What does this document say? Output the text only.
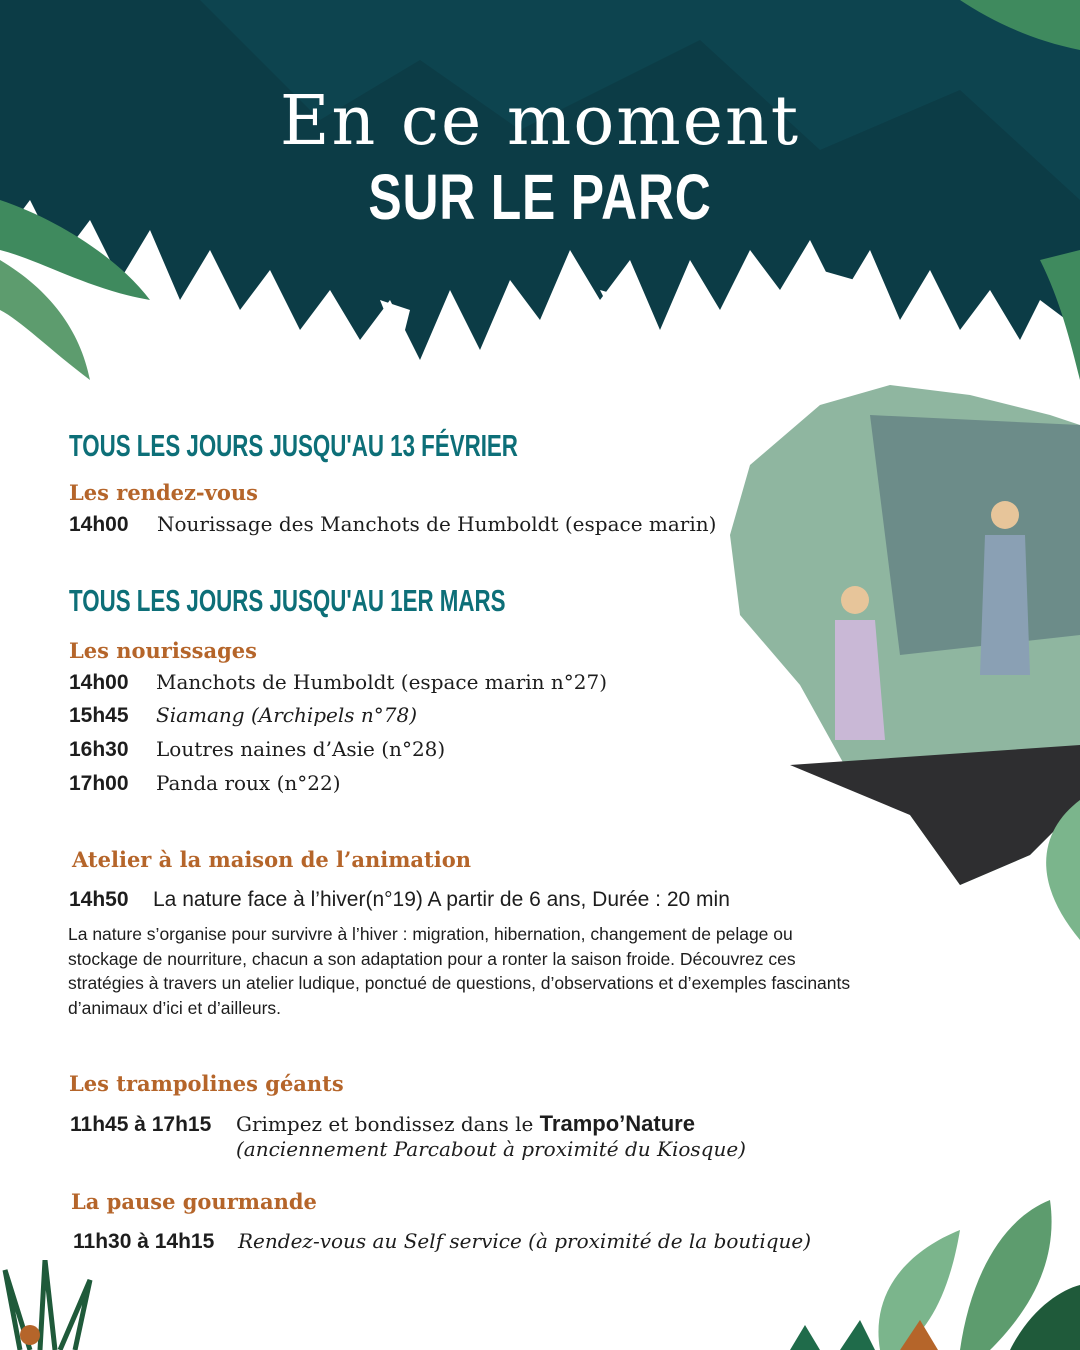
En ce moment
SUR LE PARC
TOUS LES JOURS JUSQU'AU 13 FÉVRIER
Les rendez-vous
14h00 Nourissage des Manchots de Humboldt (espace marin)
TOUS LES JOURS JUSQU'AU 1ER MARS
Les nourissages
14h00 Manchots de Humboldt (espace marin n°27)
15h45 Siamang (Archipels n°78)
16h30 Loutres naines d’Asie (n°28)
17h00 Panda roux (n°22)
Atelier à la maison de l’animation
14h50 La nature face à l’hiver(n°19) A partir de 6 ans, Durée : 20 min
La nature s’organise pour survivre à l’hiver : migration, hibernation, changement de pelage ou stockage de nourriture, chacun a son adaptation pour a ronter la saison froide. Découvrez ces stratégies à travers un atelier ludique, ponctué de questions, d’observations et d’exemples fascinants d’animaux d’ici et d’ailleurs.
Les trampolines géants
11h45 à 17h15 Grimpez et bondissez dans le Trampo’Nature
(anciennement Parcabout à proximité du Kiosque)
La pause gourmande
11h30 à 14h15 Rendez-vous au Self service (à proximité de la boutique)
